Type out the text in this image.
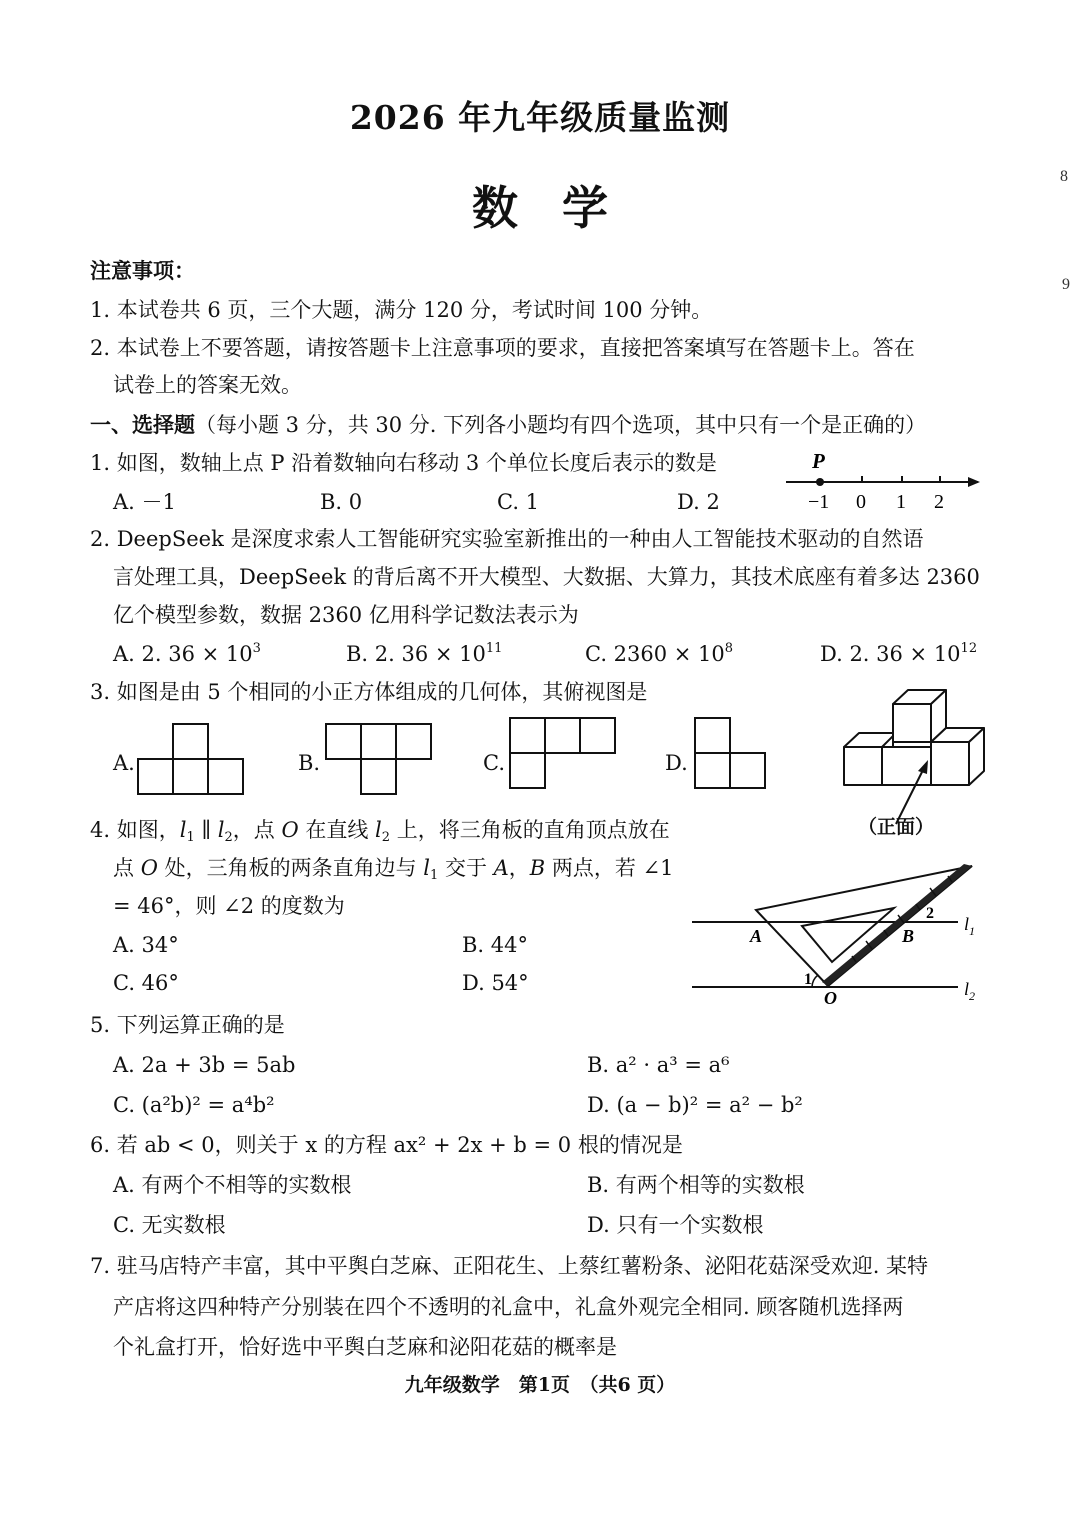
2026 年九年级质量监测
数 学
8
9
注意事项：
1. 本试卷共 6 页，三个大题，满分 120 分，考试时间 100 分钟。
2. 本试卷上不要答题，请按答题卡上注意事项的要求，直接把答案填写在答题卡上。答在
试卷上的答案无效。
一、选择题（每小题 3 分，共 30 分. 下列各小题均有四个选项，其中只有一个是正确的）
1. 如图，数轴上点 P 沿着数轴向右移动 3 个单位长度后表示的数是
A. －1	B. 0	C. 1	D. 2
P
−1 0 1 2
2. DeepSeek 是深度求索人工智能研究实验室新推出的一种由人工智能技术驱动的自然语
言处理工具，DeepSeek 的背后离不开大模型、大数据、大算力，其技术底座有着多达 2360
亿个模型参数，数据 2360 亿用科学记数法表示为
A. 2. $36 \times 10^3$	B. 2. $36 \times 10^{11}$	C. $2360 \times 10^8$	D. 2. $36 \times 10^{12}$
3. 如图是由 5 个相同的小正方体组成的几何体，其俯视图是
A.	B.	C.	D.
（正面）
4. 如图，$l_1$ ∥ $l_2$，点 O 在直线 $l_2$ 上，将三角板的直角顶点放在
点 O 处，三角板的两条直角边与 $l_1$ 交于 A，B 两点，若 ∠1
= 46°，则 ∠2 的度数为
A. 34°	B. 44°
C. 46°	D. 54°
A	B
O
1
2
$l_1$
$l_2$
5. 下列运算正确的是
A. 2a + 3b = 5ab	B. a² · a³ = a⁶
C. (a²b)² = a⁴b²	D. (a − b)² = a² − b²
6. 若 ab < 0，则关于 x 的方程 ax² + 2x + b = 0 根的情况是
A. 有两个不相等的实数根	B. 有两个相等的实数根
C. 无实数根	D. 只有一个实数根
7. 驻马店特产丰富，其中平舆白芝麻、正阳花生、上蔡红薯粉条、泌阳花菇深受欢迎. 某特
产店将这四种特产分别装在四个不透明的礼盒中，礼盒外观完全相同. 顾客随机选择两
个礼盒打开，恰好选中平舆白芝麻和泌阳花菇的概率是
九年级数学　第1页　（共6 页）
